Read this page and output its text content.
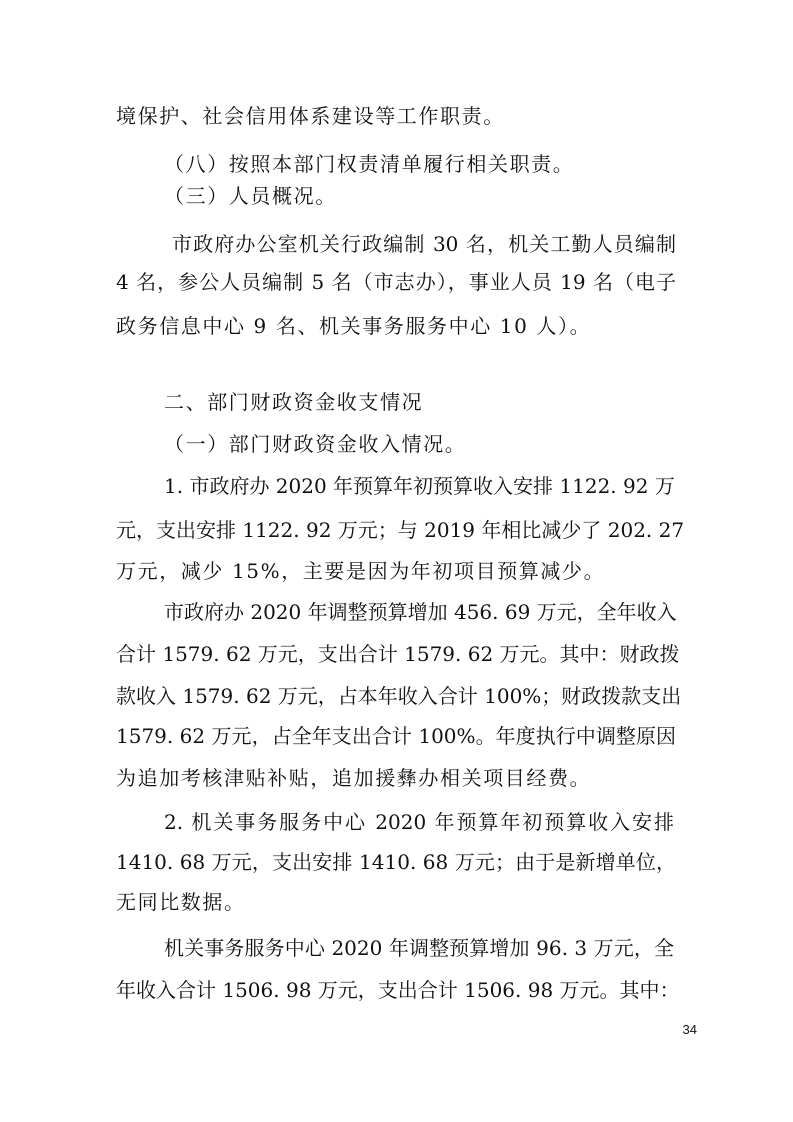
境保护、社会信用体系建设等工作职责。
（八）按照本部门权责清单履行相关职责。
（三）人员概况。
市政府办公室机关行政编制 30 名，机关工勤人员编制
4 名，参公人员编制 5 名（市志办），事业人员 19 名（电子
政务信息中心 9 名、机关事务服务中心 10 人）。
二、部门财政资金收支情况
（一）部门财政资金收入情况。
1. 市政府办 2020 年预算年初预算收入安排 1122. 92 万
元，支出安排 1122. 92 万元；与 2019 年相比减少了 202. 27
万元，减少 15%，主要是因为年初项目预算减少。
市政府办 2020 年调整预算增加 456. 69 万元，全年收入
合计 1579. 62 万元，支出合计 1579. 62 万元。其中：财政拨
款收入 1579. 62 万元，占本年收入合计 100%；财政拨款支出
1579. 62 万元，占全年支出合计 100%。年度执行中调整原因
为追加考核津贴补贴，追加援彝办相关项目经费。
2. 机关事务服务中心 2020 年预算年初预算收入安排
1410. 68 万元，支出安排 1410. 68 万元；由于是新增单位，
无同比数据。
机关事务服务中心 2020 年调整预算增加 96. 3 万元，全
年收入合计 1506. 98 万元，支出合计 1506. 98 万元。其中：
34
